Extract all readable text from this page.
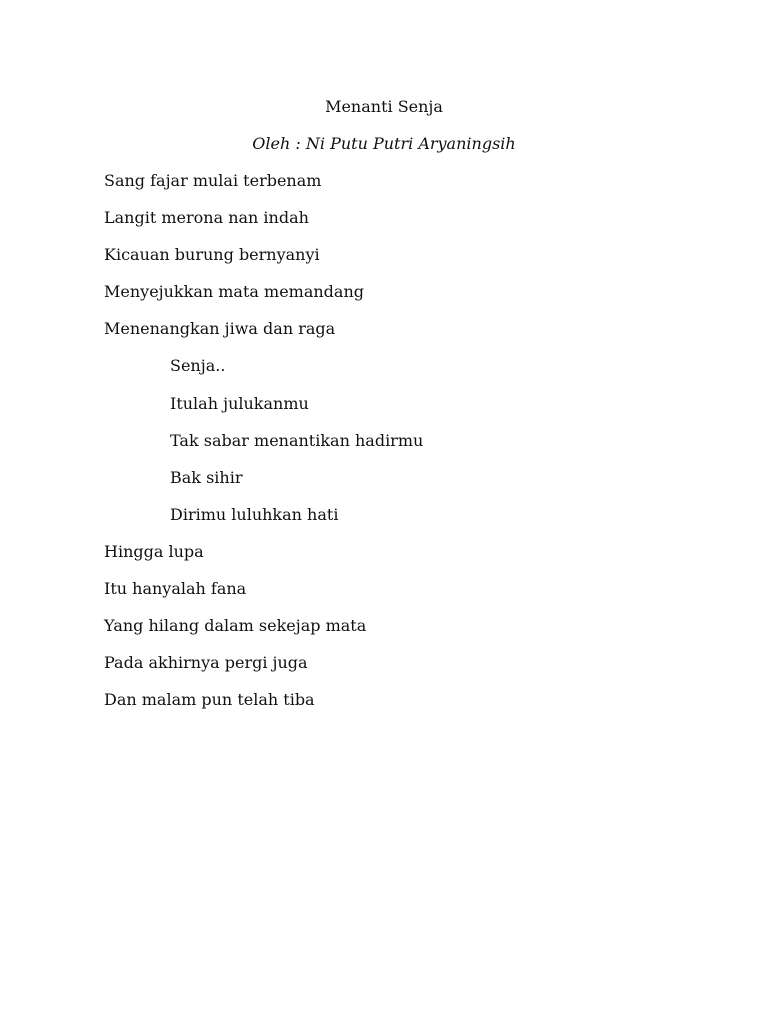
Menanti Senja
Oleh : Ni Putu Putri Aryaningsih
Sang fajar mulai terbenam
Langit merona nan indah
Kicauan burung bernyanyi
Menyejukkan mata memandang
Menenangkan jiwa dan raga
Senja..
Itulah julukanmu
Tak sabar menantikan hadirmu
Bak sihir
Dirimu luluhkan hati
Hingga lupa
Itu hanyalah fana
Yang hilang dalam sekejap mata
Pada akhirnya pergi juga
Dan malam pun telah tiba
